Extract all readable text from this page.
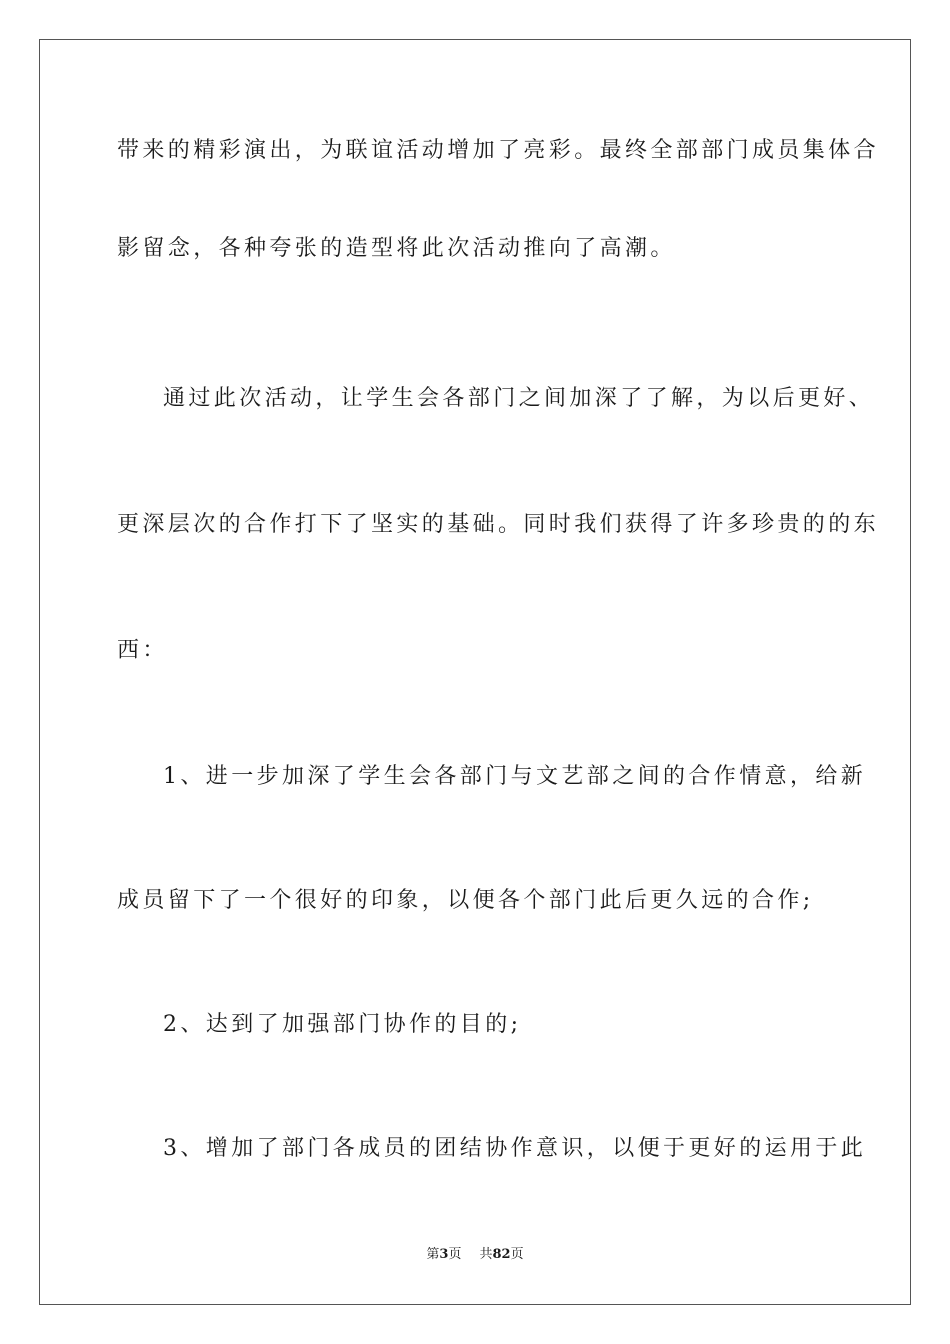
带来的精彩演出，为联谊活动增加了亮彩。最终全部部门成员集体合
影留念，各种夸张的造型将此次活动推向了高潮。
通过此次活动，让学生会各部门之间加深了了解，为以后更好、
更深层次的合作打下了坚实的基础。同时我们获得了许多珍贵的的东
西：
1、进一步加深了学生会各部门与文艺部之间的合作情意，给新
成员留下了一个很好的印象，以便各个部门此后更久远的合作;
2、达到了加强部门协作的目的;
3、增加了部门各成员的团结协作意识，以便于更好的运用于此
第3页 共82页
